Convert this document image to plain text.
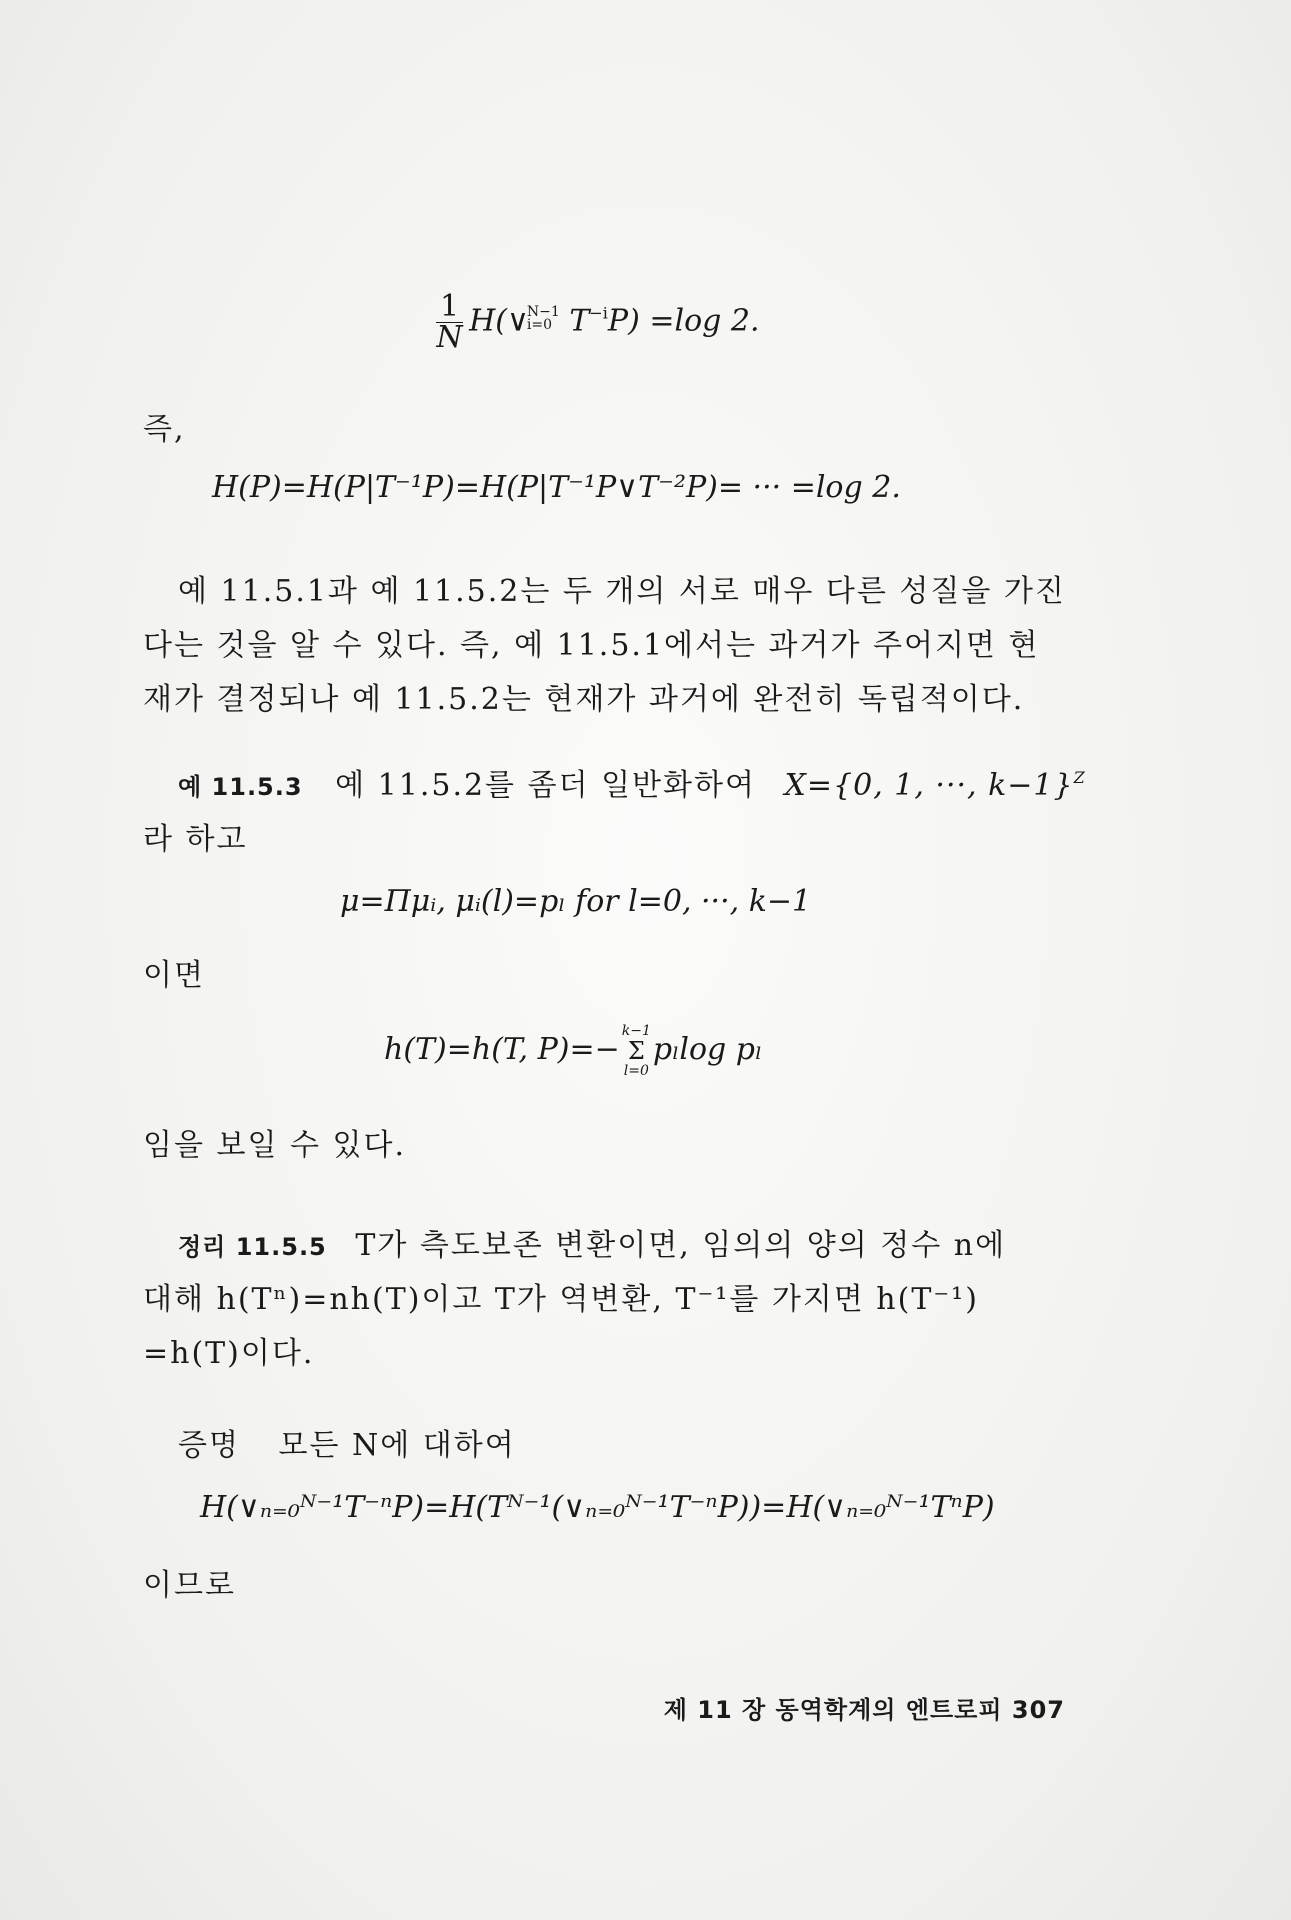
$\frac{1}{N}$ H(∨
N−1
i=0 $T^{-i}P) =\log$ 2.
즉,
H(P)=H(P|T⁻¹P)=H(P|T⁻¹P∨T⁻²P)= ··· =log 2.
예 11.5.1과 예 11.5.2는 두 개의 서로 매우 다른 성질을 가진
다는 것을 알 수 있다. 즉, 예 11.5.1에서는 과거가 주어지면 현
재가 결정되나 예 11.5.2는 현재가 과거에 완전히 독립적이다.
예 11.5.3 예 11.5.2를 좀더 일반화하여 X={0, 1, ···, k−1}$^Z$
라 하고
μ=Πμᵢ, μᵢ(l)=pₗ for l=0, ···, k−1
이면
h(T)=h(T, P)=−
k−1
Σ
l=0
pₗlog pₗ
임을 보일 수 있다.
정리 11.5.5 T가 측도보존 변환이면, 임의의 양의 정수 n에
대해 h(Tⁿ)=nh(T)이고 T가 역변환, T⁻¹를 가지면 h(T⁻¹)
=h(T)이다.
증명 모든 N에 대하여
H(∨ₙ₌₀ᴺ⁻¹T⁻ⁿP)=H(Tᴺ⁻¹(∨ₙ₌₀ᴺ⁻¹T⁻ⁿP))=H(∨ₙ₌₀ᴺ⁻¹TⁿP)
이므로
제 11 장 동역학계의 엔트로피 307
